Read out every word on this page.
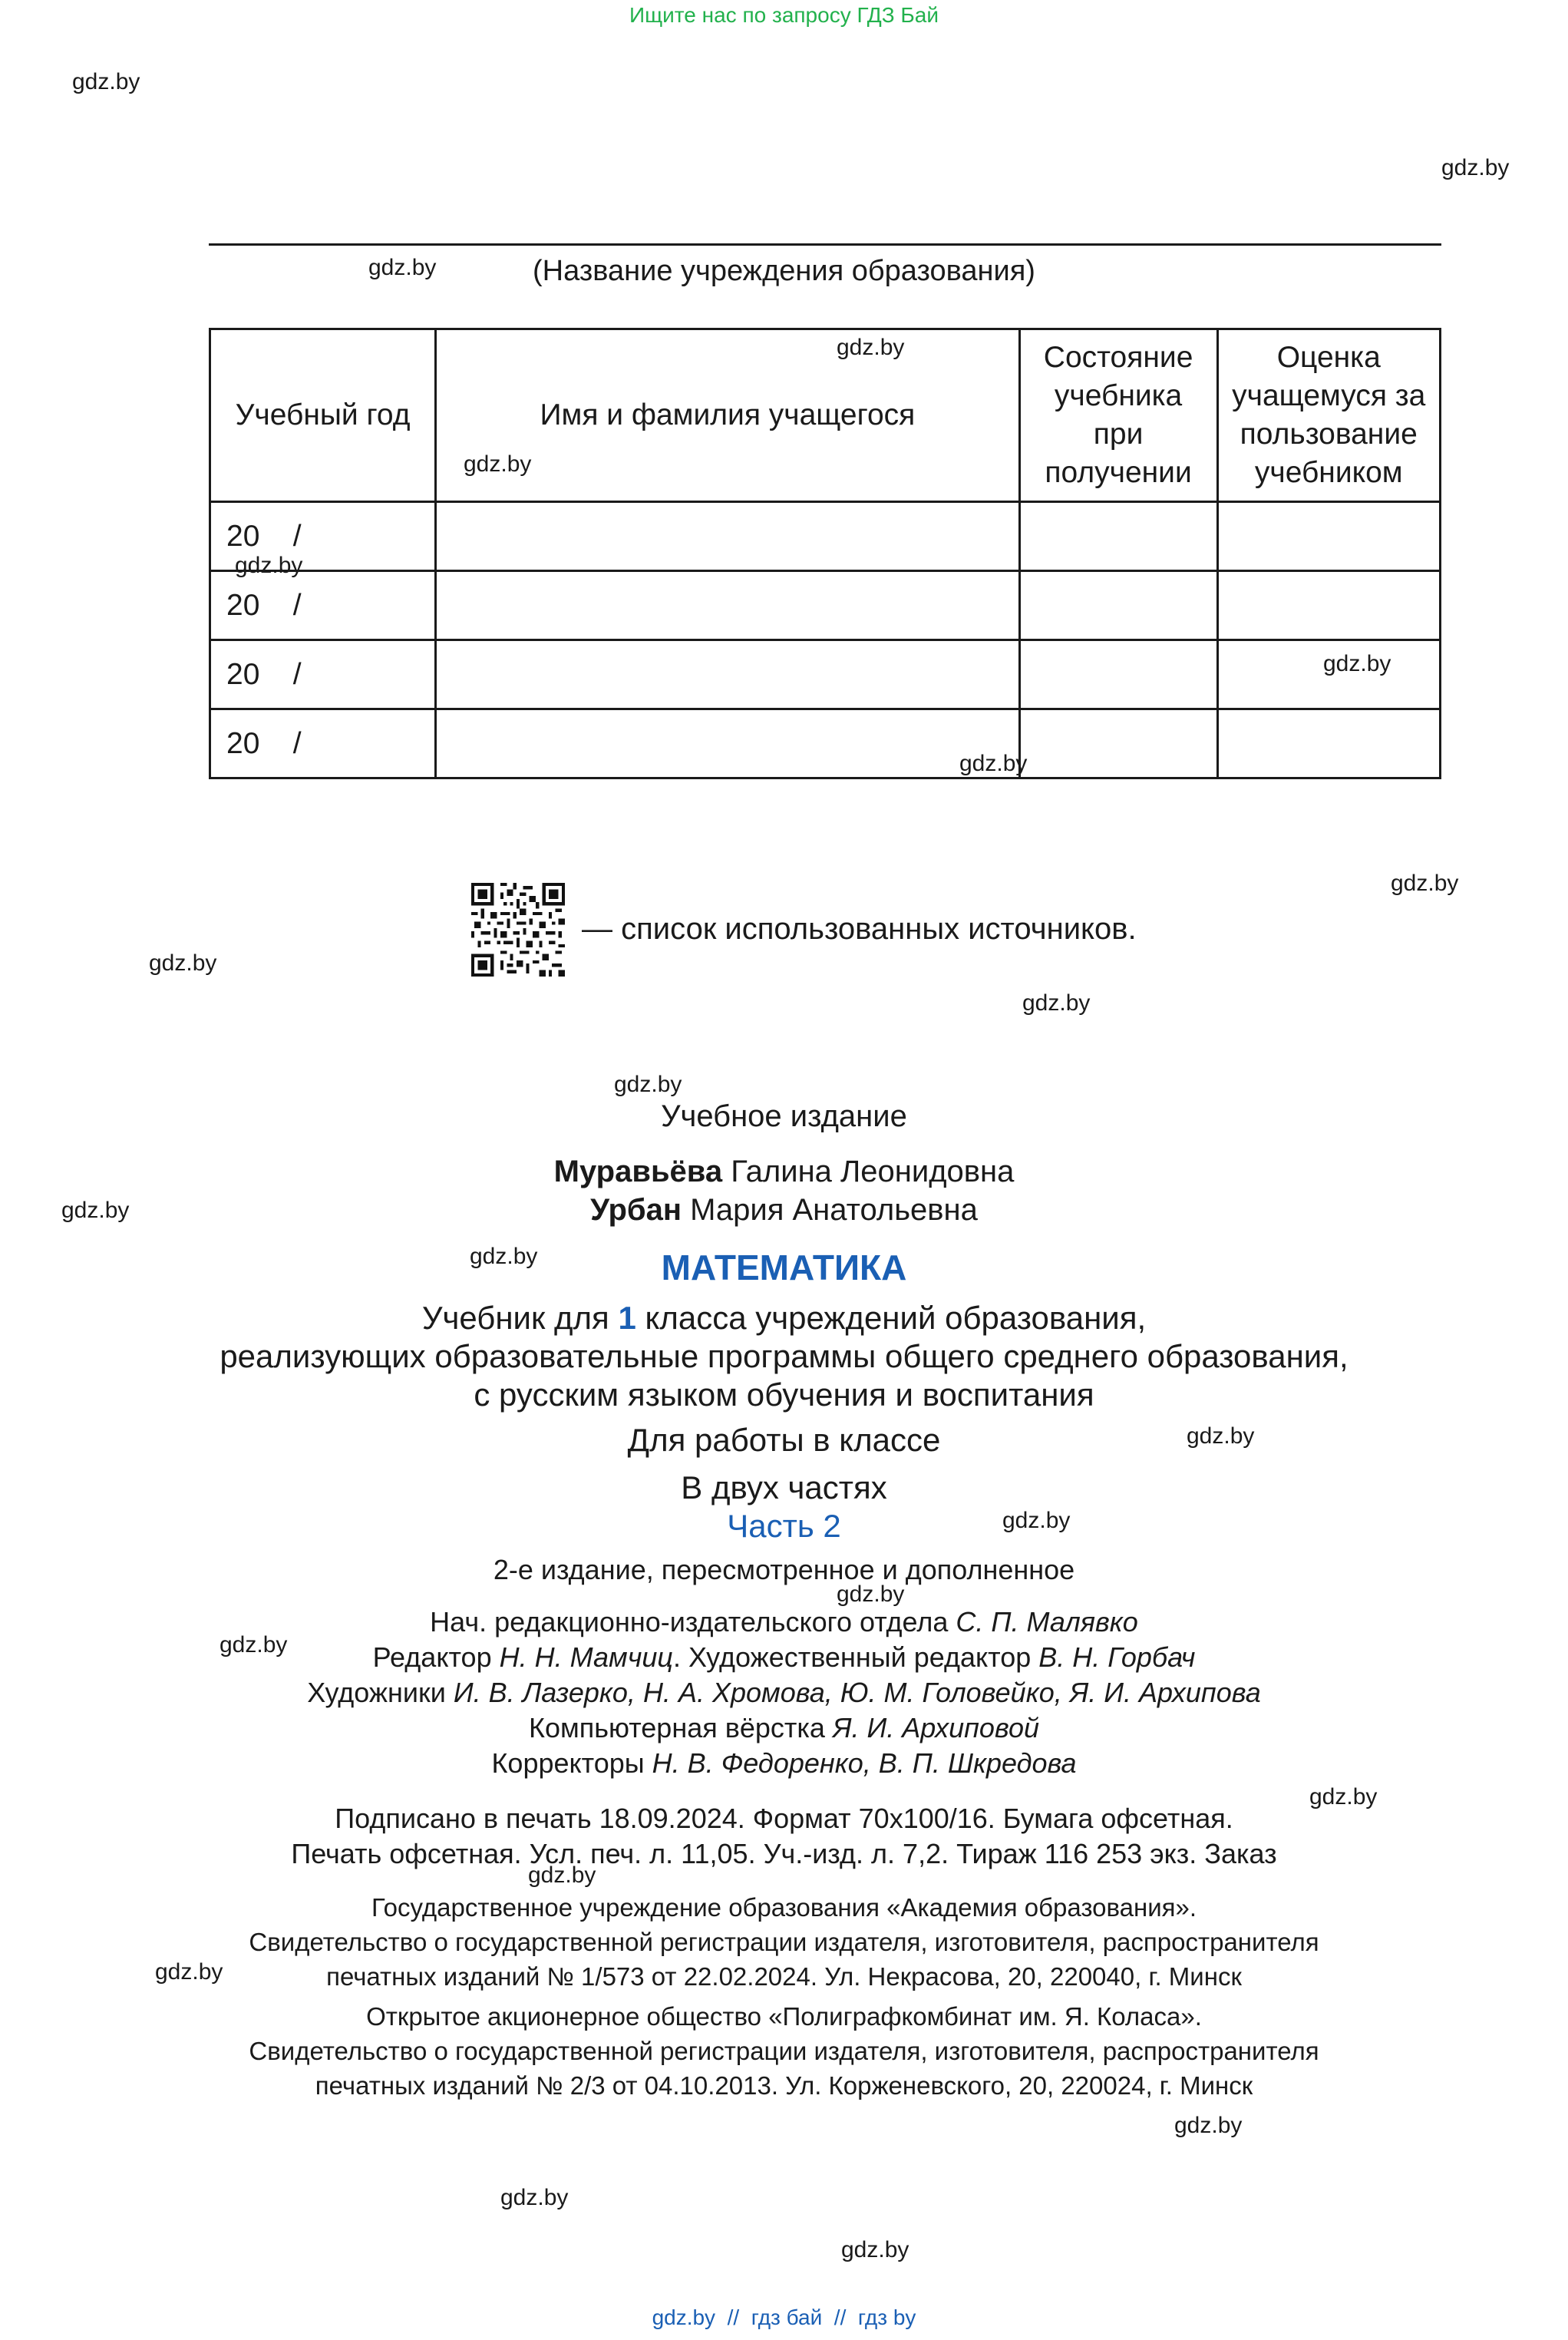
Ищите нас по запросу ГДЗ Бай
gdz.by
gdz.by
gdz.by
gdz.by
gdz.by
gdz.by
gdz.by
gdz.by
gdz.by
gdz.by
gdz.by
gdz.by
gdz.by
gdz.by
gdz.by
gdz.by
gdz.by
gdz.by
gdz.by
gdz.by
gdz.by
gdz.by
gdz.by
gdz.by
(Название учреждения образования)
Учебный год	Имя и фамилия учащегося	Состояние учебника при получении	Оценка учащемуся за пользование учебником
20    /			
20    /			
20    /			
20    /			
— список использованных источников.
Учебное издание
Муравьёва Галина Леонидовна
Урбан Мария Анатольевна
МАТЕМАТИКА
Учебник для 1 класса учреждений образования,
реализующих образовательные программы общего среднего образования,
с русским языком обучения и воспитания
Для работы в классе
В двух частях
Часть 2
2-е издание, пересмотренное и дополненное
Нач. редакционно-издательского отдела С. П. Малявко
Редактор Н. Н. Мамчиц. Художественный редактор В. Н. Горбач
Художники И. В. Лазерко, Н. А. Хромова, Ю. М. Головейко, Я. И. Архипова
Компьютерная вёрстка Я. И. Архиповой
Корректоры Н. В. Федоренко, В. П. Шкредова
Подписано в печать 18.09.2024. Формат 70х100/16. Бумага офсетная.
Печать офсетная. Усл. печ. л. 11,05. Уч.-изд. л. 7,2. Тираж 116 253 экз. Заказ
Государственное учреждение образования «Академия образования».
Свидетельство о государственной регистрации издателя, изготовителя, распространителя
печатных изданий № 1/573 от 22.02.2024. Ул. Некрасова, 20, 220040, г. Минск
Открытое акционерное общество «Полиграфкомбинат им. Я. Коласа».
Свидетельство о государственной регистрации издателя, изготовителя, распространителя
печатных изданий № 2/3 от 04.10.2013. Ул. Корженевского, 20, 220024, г. Минск
gdz.by  //  гдз бай  //  гдз by
